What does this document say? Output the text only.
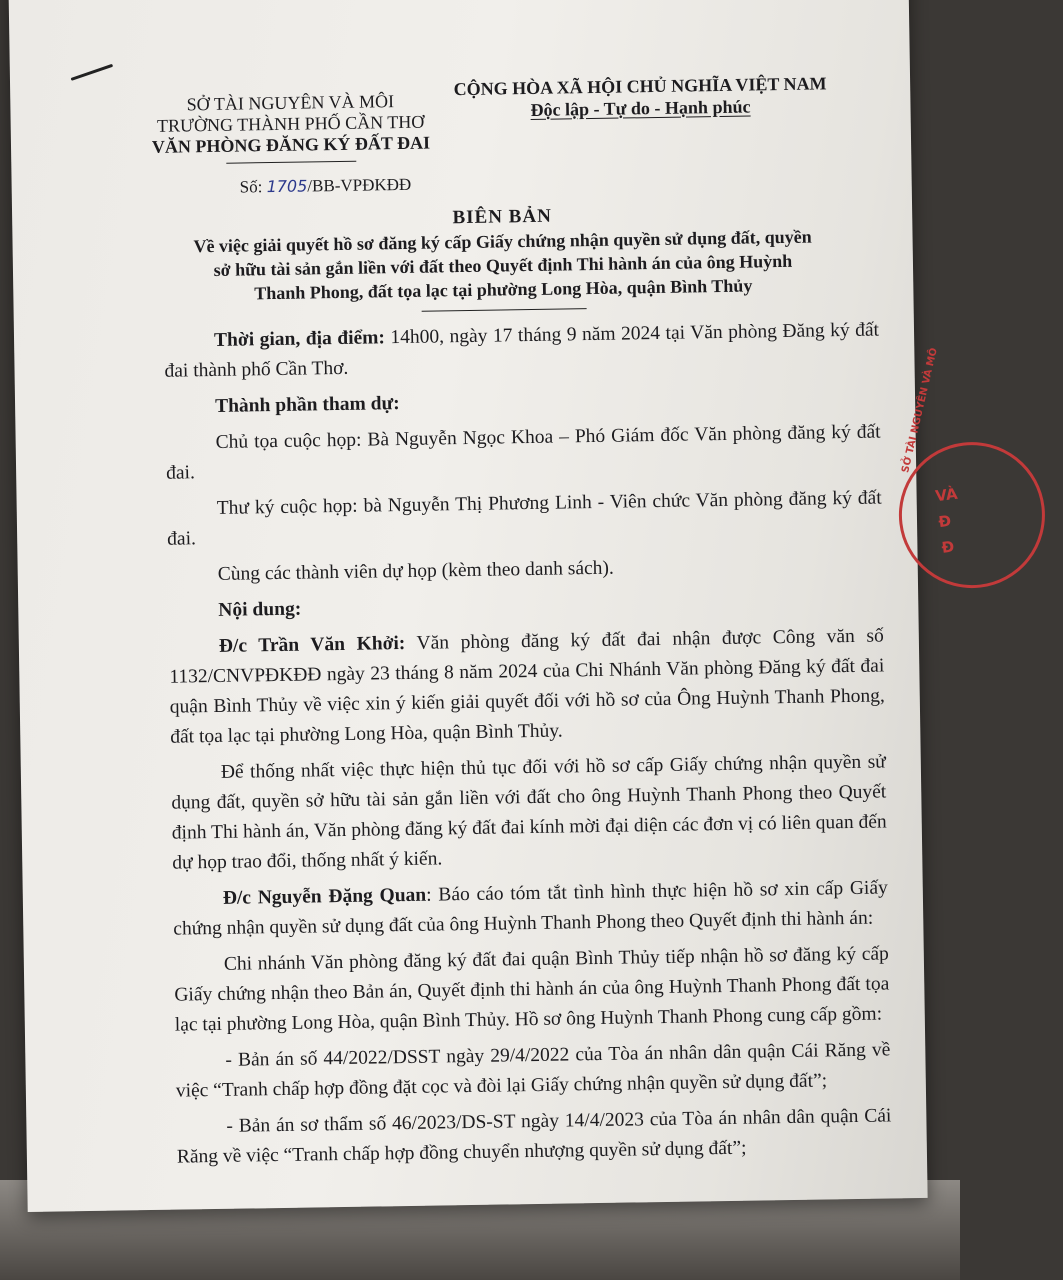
SỞ TÀI NGUYÊN VÀ MÔI
TRƯỜNG THÀNH PHỐ CẦN THƠ
VĂN PHÒNG ĐĂNG KÝ ĐẤT ĐAI
CỘNG HÒA XÃ HỘI CHỦ NGHĨA VIỆT NAM
Độc lập - Tự do - Hạnh phúc
Số: 1705/BB-VPĐKĐĐ
BIÊN BẢN
Về việc giải quyết hồ sơ đăng ký cấp Giấy chứng nhận quyền sử dụng đất, quyền
sở hữu tài sản gắn liền với đất theo Quyết định Thi hành án của ông Huỳnh
Thanh Phong, đất tọa lạc tại phường Long Hòa, quận Bình Thủy

Thời gian, địa điểm: 14h00, ngày 17 tháng 9 năm 2024 tại Văn phòng Đăng ký đất đai thành phố Cần Thơ.

Thành phần tham dự:

Chủ tọa cuộc họp: Bà Nguyễn Ngọc Khoa – Phó Giám đốc Văn phòng đăng ký đất đai.

Thư ký cuộc họp: bà Nguyễn Thị Phương Linh - Viên chức Văn phòng đăng ký đất đai.

Cùng các thành viên dự họp (kèm theo danh sách).

Nội dung:

Đ/c Trần Văn Khởi: Văn phòng đăng ký đất đai nhận được Công văn số 1132/CNVPĐKĐĐ ngày 23 tháng 8 năm 2024 của Chi Nhánh Văn phòng Đăng ký đất đai quận Bình Thủy về việc xin ý kiến giải quyết đối với hồ sơ của Ông Huỳnh Thanh Phong, đất tọa lạc tại phường Long Hòa, quận Bình Thủy.

Để thống nhất việc thực hiện thủ tục đối với hồ sơ cấp Giấy chứng nhận quyền sử dụng đất, quyền sở hữu tài sản gắn liền với đất cho ông Huỳnh Thanh Phong theo Quyết định Thi hành án, Văn phòng đăng ký đất đai kính mời đại diện các đơn vị có liên quan đến dự họp trao đổi, thống nhất ý kiến.

Đ/c Nguyễn Đặng Quan: Báo cáo tóm tắt tình hình thực hiện hồ sơ xin cấp Giấy chứng nhận quyền sử dụng đất của ông Huỳnh Thanh Phong theo Quyết định thi hành án:

Chi nhánh Văn phòng đăng ký đất đai quận Bình Thủy tiếp nhận hồ sơ đăng ký cấp Giấy chứng nhận theo Bản án, Quyết định thi hành án của ông Huỳnh Thanh Phong đất tọa lạc tại phường Long Hòa, quận Bình Thủy. Hồ sơ ông Huỳnh Thanh Phong cung cấp gồm:

- Bản án số 44/2022/DSST ngày 29/4/2022 của Tòa án nhân dân quận Cái Răng về việc “Tranh chấp hợp đồng đặt cọc và đòi lại Giấy chứng nhận quyền sử dụng đất”;

- Bản án sơ thẩm số 46/2023/DS-ST ngày 14/4/2023 của Tòa án nhân dân quận Cái Răng về việc “Tranh chấp hợp đồng chuyển nhượng quyền sử dụng đất”;

SỞ TÀI NGUYÊN VÀ MÔ
VÀ
Đ
Đ
